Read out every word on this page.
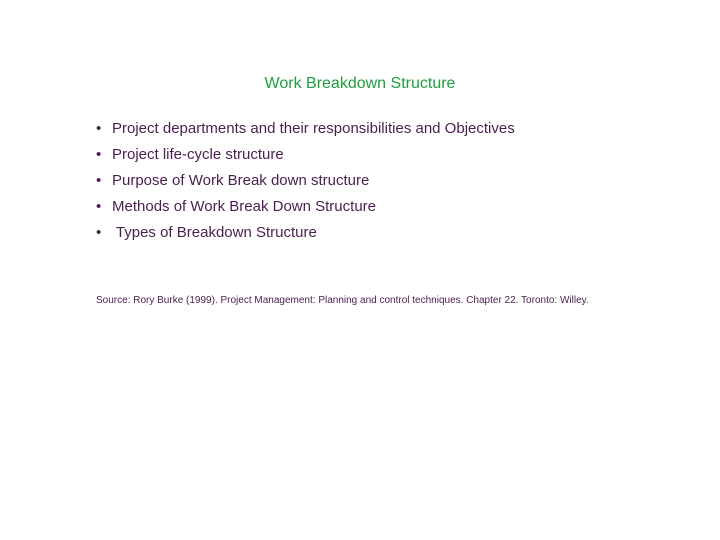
Work Breakdown Structure
• Project departments and their responsibilities and Objectives
• Project life-cycle structure
• Purpose of Work Break down structure
• Methods of Work Break Down Structure
• Types of Breakdown Structure
Source: Rory Burke (1999). Project Management: Planning and control techniques. Chapter 22. Toronto: Willey.
